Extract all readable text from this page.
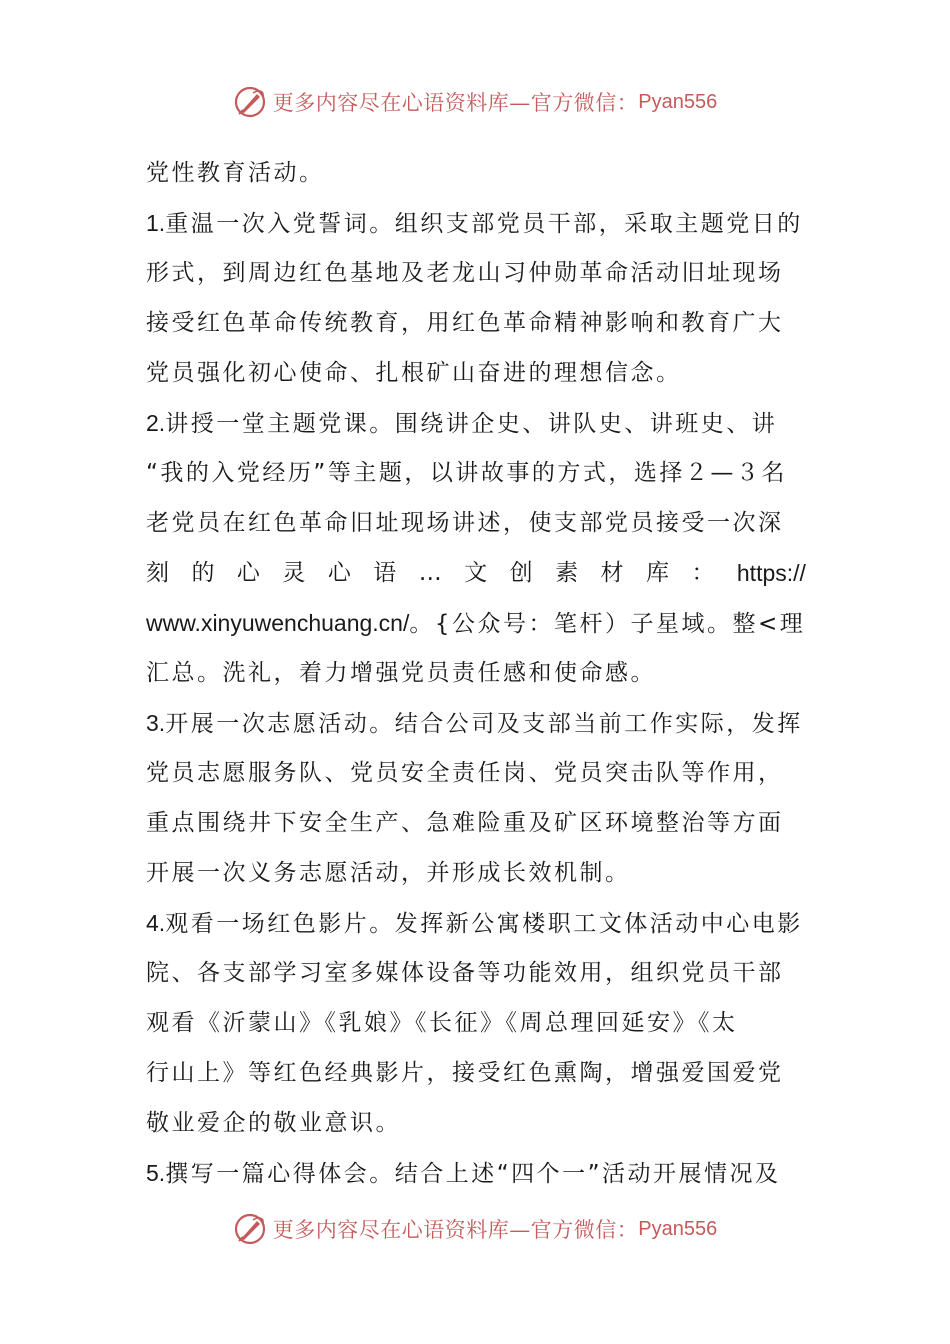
更多内容尽在心语资料库—官方微信： Pyan556
党性教育活动。
1.重温一次入党誓词。组织支部党员干部，采取主题党日的
形式，到周边红色基地及老龙山习仲勋革命活动旧址现场
接受红色革命传统教育，用红色革命精神影响和教育广大
党员强化初心使命、扎根矿山奋进的理想信念。
2.讲授一堂主题党课。围绕讲企史、讲队史、讲班史、讲
“我的入党经历”等主题，以讲故事的方式，选择２—３名
老党员在红色革命旧址现场讲述，使支部党员接受一次深
刻 的 心 灵 心 语 … 文 创 素 材 库 ： https://
www.xinyuwenchuang.cn/。{公众号：笔杆）子星域。整<理
汇总。洗礼，着力增强党员责任感和使命感。
3.开展一次志愿活动。结合公司及支部当前工作实际，发挥
党员志愿服务队、党员安全责任岗、党员突击队等作用，
重点围绕井下安全生产、急难险重及矿区环境整治等方面
开展一次义务志愿活动，并形成长效机制。
4.观看一场红色影片。发挥新公寓楼职工文体活动中心电影
院、各支部学习室多媒体设备等功能效用，组织党员干部
观看《沂蒙山》《乳娘》《长征》《周总理回延安》《太
行山上》等红色经典影片，接受红色熏陶，增强爱国爱党
敬业爱企的敬业意识。
5.撰写一篇心得体会。结合上述“四个一”活动开展情况及
更多内容尽在心语资料库—官方微信： Pyan556
